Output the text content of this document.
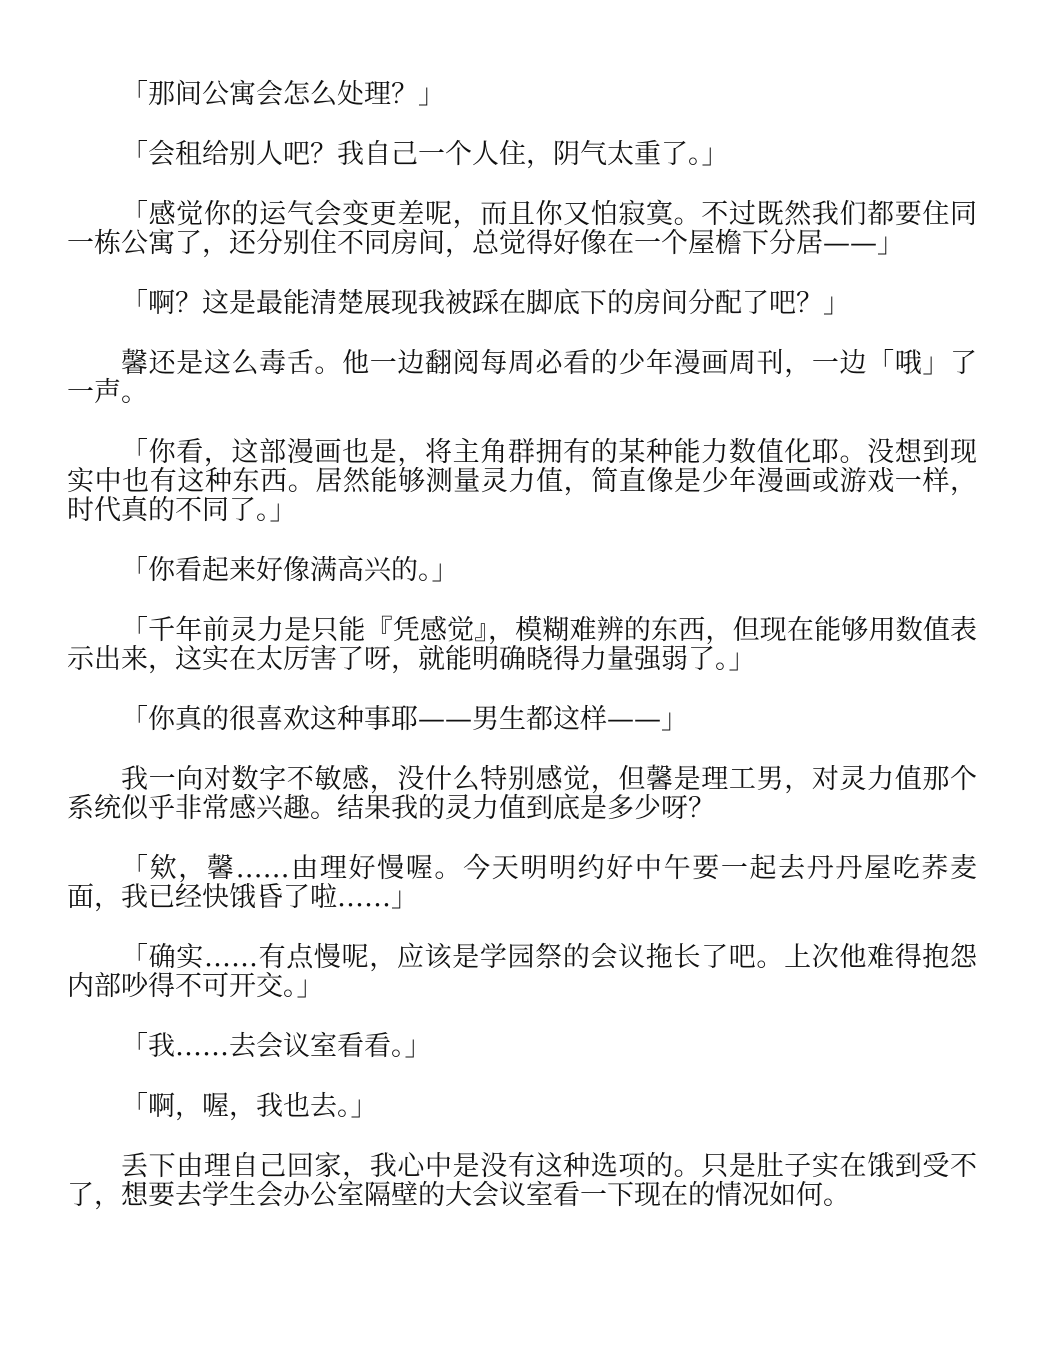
「那间公寓会怎么处理？」

「会租给别人吧？我自己一个人住，阴气太重了。」

「感觉你的运气会变更差呢，而且你又怕寂寞。不过既然我们都要住同一栋公寓了，还分别住不同房间，总觉得好像在一个屋檐下分居——」

「啊？这是最能清楚展现我被踩在脚底下的房间分配了吧？」

馨还是这么毒舌。他一边翻阅每周必看的少年漫画周刊，一边「哦」了一声。

「你看，这部漫画也是，将主角群拥有的某种能力数值化耶。没想到现实中也有这种东西。居然能够测量灵力值，简直像是少年漫画或游戏一样，时代真的不同了。」

「你看起来好像满高兴的。」

「千年前灵力是只能『凭感觉』，模糊难辨的东西，但现在能够用数值表示出来，这实在太厉害了呀，就能明确晓得力量强弱了。」

「你真的很喜欢这种事耶——男生都这样——」

我一向对数字不敏感，没什么特别感觉，但馨是理工男，对灵力值那个系统似乎非常感兴趣。结果我的灵力值到底是多少呀？

「欸，馨……由理好慢喔。今天明明约好中午要一起去丹丹屋吃荞麦面，我已经快饿昏了啦……」

「确实……有点慢呢，应该是学园祭的会议拖长了吧。上次他难得抱怨内部吵得不可开交。」

「我……去会议室看看。」

「啊，喔，我也去。」

丢下由理自己回家，我心中是没有这种选项的。只是肚子实在饿到受不了，想要去学生会办公室隔壁的大会议室看一下现在的情况如何。
